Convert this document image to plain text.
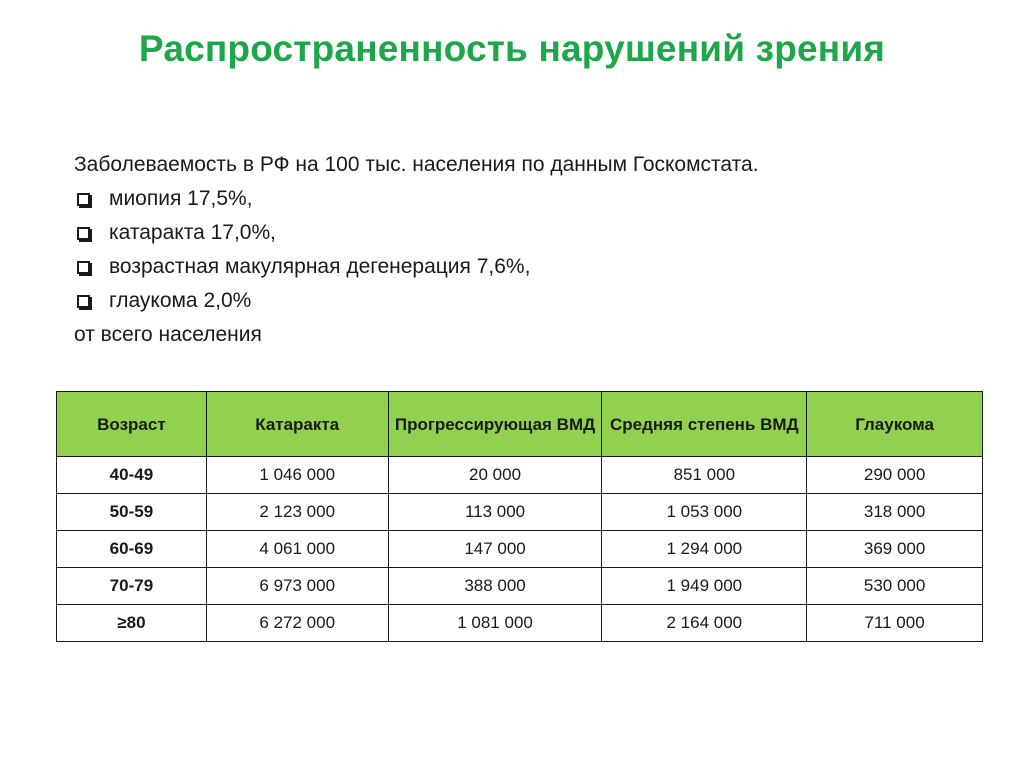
Распространенность нарушений зрения

Заболеваемость в РФ на 100 тыс. населения по данным Госкомстата.

миопия 17,5%,
катаракта 17,0%,
возрастная макулярная дегенерация 7,6%,
глаукома 2,0%

от всего населения

Возраст	Катаракта	Прогрессирующая ВМД	Средняя степень ВМД	Глаукома
40-49	1 046 000	20 000	851 000	290 000
50-59	2 123 000	113 000	1 053 000	318 000
60-69	4 061 000	147 000	1 294 000	369 000
70-79	6 973 000	388 000	1 949 000	530 000
≥80	6 272 000	1 081 000	2 164 000	711 000
